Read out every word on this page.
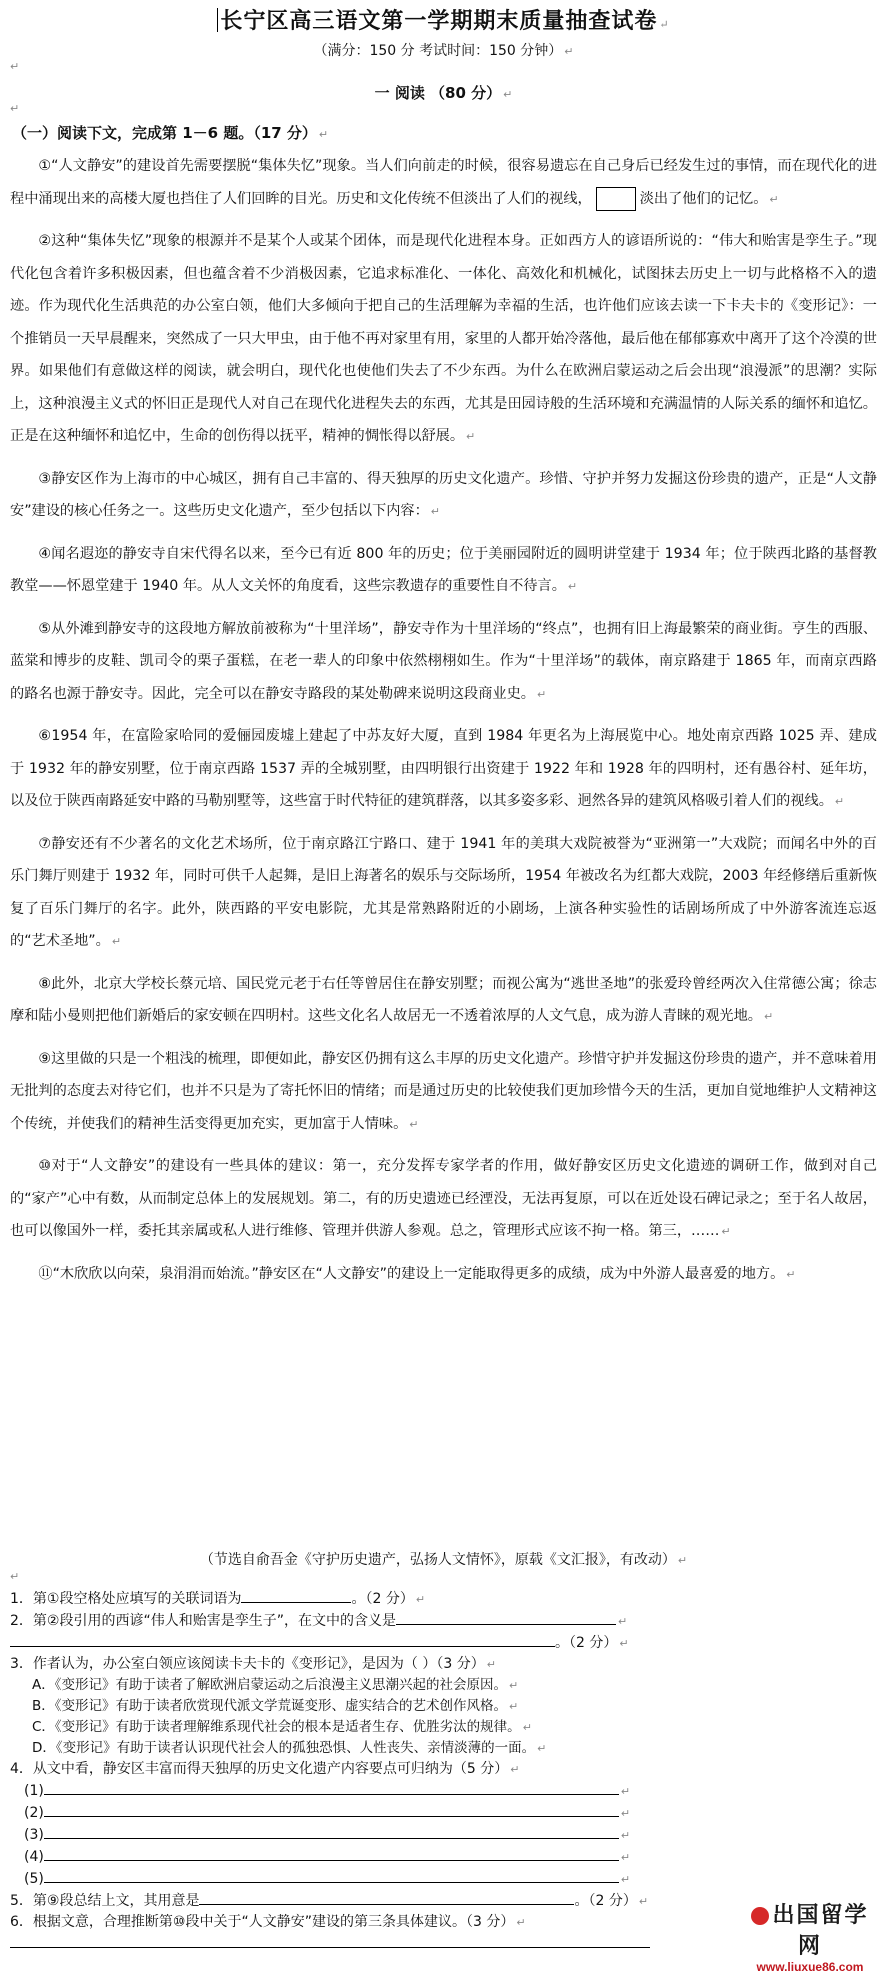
长宁区高三语文第一学期期末质量抽查试卷 ↵
（满分：150 分 考试时间：150 分钟） ↵
↵
一 阅读 （80 分） ↵
↵
（一）阅读下文，完成第 1－6 题。（17 分） ↵

①“人文静安”的建设首先需要摆脱“集体失忆”现象。当人们向前走的时候，很容易遗忘在自己身后已经发生过的事情，而在现代化的进程中涌现出来的高楼大厦也挡住了人们回眸的目光。历史和文化传统不但淡出了人们的视线，	淡出了他们的记忆。 ↵

②这种“集体失忆”现象的根源并不是某个人或某个团体，而是现代化进程本身。正如西方人的谚语所说的：“伟大和贻害是孪生子。”现代化包含着许多积极因素，但也蕴含着不少消极因素，它追求标准化、一体化、高效化和机械化，试图抹去历史上一切与此格格不入的遗迹。作为现代化生活典范的办公室白领，他们大多倾向于把自己的生活理解为幸福的生活，也许他们应该去读一下卡夫卡的《变形记》：一个推销员一天早晨醒来，突然成了一只大甲虫，由于他不再对家里有用，家里的人都开始冷落他，最后他在郁郁寡欢中离开了这个冷漠的世界。如果他们有意做这样的阅读，就会明白，现代化也使他们失去了不少东西。为什么在欧洲启蒙运动之后会出现“浪漫派”的思潮？实际上，这种浪漫主义式的怀旧正是现代人对自己在现代化进程失去的东西，尤其是田园诗般的生活环境和充满温情的人际关系的缅怀和追忆。正是在这种缅怀和追忆中，生命的创伤得以抚平，精神的惆怅得以舒展。 ↵

③静安区作为上海市的中心城区，拥有自己丰富的、得天独厚的历史文化遗产。珍惜、守护并努力发掘这份珍贵的遗产，正是“人文静安”建设的核心任务之一。这些历史文化遗产，至少包括以下内容： ↵

④闻名遐迩的静安寺自宋代得名以来，至今已有近 800 年的历史；位于美丽园附近的圆明讲堂建于 1934 年；位于陕西北路的基督教教堂——怀恩堂建于 1940 年。从人文关怀的角度看，这些宗教遗存的重要性自不待言。 ↵

⑤从外滩到静安寺的这段地方解放前被称为“十里洋场”，静安寺作为十里洋场的“终点”，也拥有旧上海最繁荣的商业街。亨生的西服、蓝棠和博步的皮鞋、凯司令的栗子蛋糕，在老一辈人的印象中依然栩栩如生。作为“十里洋场”的载体，南京路建于 1865 年，而南京西路的路名也源于静安寺。因此，完全可以在静安寺路段的某处勒碑来说明这段商业史。 ↵

⑥1954 年，在富险家哈同的爱俪园废墟上建起了中苏友好大厦，直到 1984 年更名为上海展览中心。地处南京西路 1025 弄、建成于 1932 年的静安别墅，位于南京西路 1537 弄的全城别墅，由四明银行出资建于 1922 年和 1928 年的四明村，还有愚谷村、延年坊，以及位于陕西南路延安中路的马勒别墅等，这些富于时代特征的建筑群落，以其多姿多彩、迥然各异的建筑风格吸引着人们的视线。 ↵

⑦静安还有不少著名的文化艺术场所，位于南京路江宁路口、建于 1941 年的美琪大戏院被誉为“亚洲第一”大戏院；而闻名中外的百乐门舞厅则建于 1932 年，同时可供千人起舞，是旧上海著名的娱乐与交际场所，1954 年被改名为红都大戏院，2003 年经修缮后重新恢复了百乐门舞厅的名字。此外，陕西路的平安电影院，尤其是常熟路附近的小剧场，上演各种实验性的话剧场所成了中外游客流连忘返的“艺术圣地”。 ↵

⑧此外，北京大学校长蔡元培、国民党元老于右任等曾居住在静安别墅；而视公寓为“逃世圣地”的张爱玲曾经两次入住常德公寓；徐志摩和陆小曼则把他们新婚后的家安顿在四明村。这些文化名人故居无一不透着浓厚的人文气息，成为游人青睐的观光地。 ↵

⑨这里做的只是一个粗浅的梳理，即便如此，静安区仍拥有这么丰厚的历史文化遗产。珍惜守护并发掘这份珍贵的遗产，并不意味着用无批判的态度去对待它们，也并不只是为了寄托怀旧的情绪；而是通过历史的比较使我们更加珍惜今天的生活，更加自觉地维护人文精神这个传统，并使我们的精神生活变得更加充实，更加富于人情味。 ↵

⑩对于“人文静安”的建设有一些具体的建议：第一，充分发挥专家学者的作用，做好静安区历史文化遗迹的调研工作，做到对自己的“家产”心中有数，从而制定总体上的发展规划。第二，有的历史遗迹已经湮没，无法再复原，可以在近处设石碑记录之；至于名人故居，也可以像国外一样，委托其亲属或私人进行维修、管理并供游人参观。总之，管理形式应该不拘一格。第三，…… ↵

⑪“木欣欣以向荣，泉涓涓而始流。”静安区在“人文静安”的建设上一定能取得更多的成绩，成为中外游人最喜爱的地方。 ↵

（节选自俞吾金《守护历史遗产，弘扬人文情怀》，原载《文汇报》，有改动） ↵
↵
1．第①段空格处应填写的关联词语为	。（2 分） ↵
2．第②段引用的西谚“伟人和贻害是孪生子”，在文中的含义是	↵
。（2 分） ↵
3．作者认为，办公室白领应该阅读卡夫卡的《变形记》，是因为（ ）（3 分） ↵
A．《变形记》有助于读者了解欧洲启蒙运动之后浪漫主义思潮兴起的社会原因。 ↵
B．《变形记》有助于读者欣赏现代派文学荒诞变形、虚实结合的艺术创作风格。 ↵
C．《变形记》有助于读者理解维系现代社会的根本是适者生存、优胜劣汰的规律。 ↵
D．《变形记》有助于读者认识现代社会人的孤独恐惧、人性丧失、亲情淡薄的一面。 ↵
4．从文中看，静安区丰富而得天独厚的历史文化遗产内容要点可归纳为（5 分） ↵
(1)	↵
(2)	↵
(3)	↵
(4)	↵
(5)	↵
5．第⑨段总结上文，其用意是	。（2 分） ↵
6．根据文意，合理推断第⑩段中关于“人文静安”建设的第三条具体建议。（3 分） ↵	出国留学网
www.liuxue86.com
